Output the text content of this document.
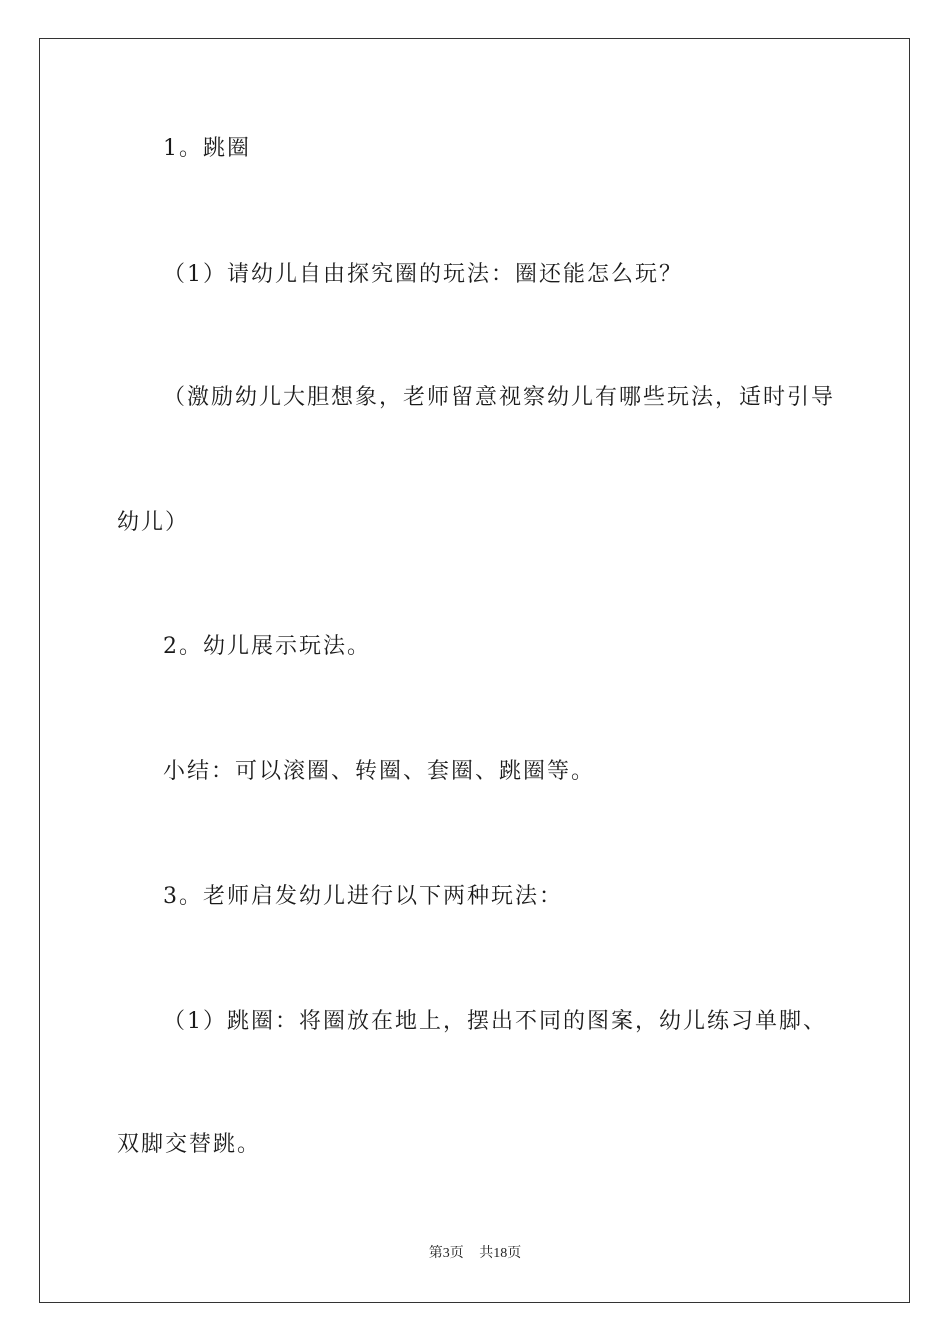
1。跳圈
（1）请幼儿自由探究圈的玩法：圈还能怎么玩？
（激励幼儿大胆想象，老师留意视察幼儿有哪些玩法，适时引导
幼儿）
2。幼儿展示玩法。
小结：可以滚圈、转圈、套圈、跳圈等。
3。老师启发幼儿进行以下两种玩法：
（1）跳圈：将圈放在地上，摆出不同的图案，幼儿练习单脚、
双脚交替跳。
第3页 共18页
